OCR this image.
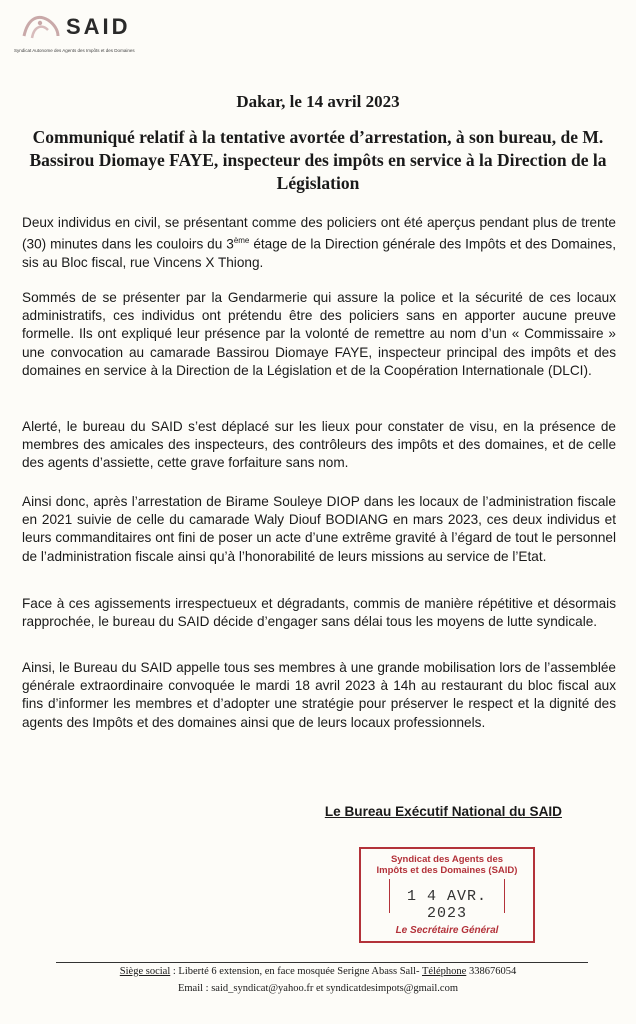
SAID
Syndicat Autonome des Agents des Impôts et des Domaines
Dakar, le 14 avril 2023
Communiqué relatif à la tentative avortée d’arrestation, à son bureau, de M. Bassirou Diomaye FAYE, inspecteur des impôts en service à la Direction de la Législation

Deux individus en civil, se présentant comme des policiers ont été aperçus pendant plus de trente (30) minutes dans les couloirs du 3ème étage de la Direction générale des Impôts et des Domaines, sis au Bloc fiscal, rue Vincens X Thiong.

Sommés de se présenter par la Gendarmerie qui assure la police et la sécurité de ces locaux administratifs, ces individus ont prétendu être des policiers sans en apporter aucune preuve formelle. Ils ont expliqué leur présence par la volonté de remettre au nom d’un « Commissaire » une convocation au camarade Bassirou Diomaye FAYE, inspecteur principal des impôts et des domaines en service à la Direction de la Législation et de la Coopération Internationale (DLCI).

Alerté, le bureau du SAID s’est déplacé sur les lieux pour constater de visu, en la présence de membres des amicales des inspecteurs, des contrôleurs des impôts et des domaines, et de celle des agents d’assiette, cette grave forfaiture sans nom.

Ainsi donc, après l’arrestation de Birame Souleye DIOP dans les locaux de l’administration fiscale en 2021 suivie de celle du camarade Waly Diouf BODIANG en mars 2023, ces deux individus et leurs commanditaires ont fini de poser un acte d’une extrême gravité à l’égard de tout le personnel de l’administration fiscale ainsi qu’à l’honorabilité de leurs missions au service de l’Etat.

Face à ces agissements irrespectueux et dégradants, commis de manière répétitive et désormais rapprochée, le bureau du SAID décide d’engager sans délai tous les moyens de lutte syndicale.

Ainsi, le Bureau du SAID appelle tous ses membres à une grande mobilisation lors de l’assemblée générale extraordinaire convoquée le mardi 18 avril 2023 à 14h au restaurant du bloc fiscal aux fins d’informer les membres et d’adopter une stratégie pour préserver le respect et la dignité des agents des Impôts et des domaines ainsi que de leurs locaux professionnels.

Le Bureau Exécutif National du SAID
Syndicat des Agents des
Impôts et des Domaines (SAID)
1 4 AVR. 2023
Le Secrétaire Général
Siège social : Liberté 6 extension, en face mosquée Serigne Abass Sall- Téléphone 338676054
Email : said_syndicat@yahoo.fr et syndicatdesimpots@gmail.com
